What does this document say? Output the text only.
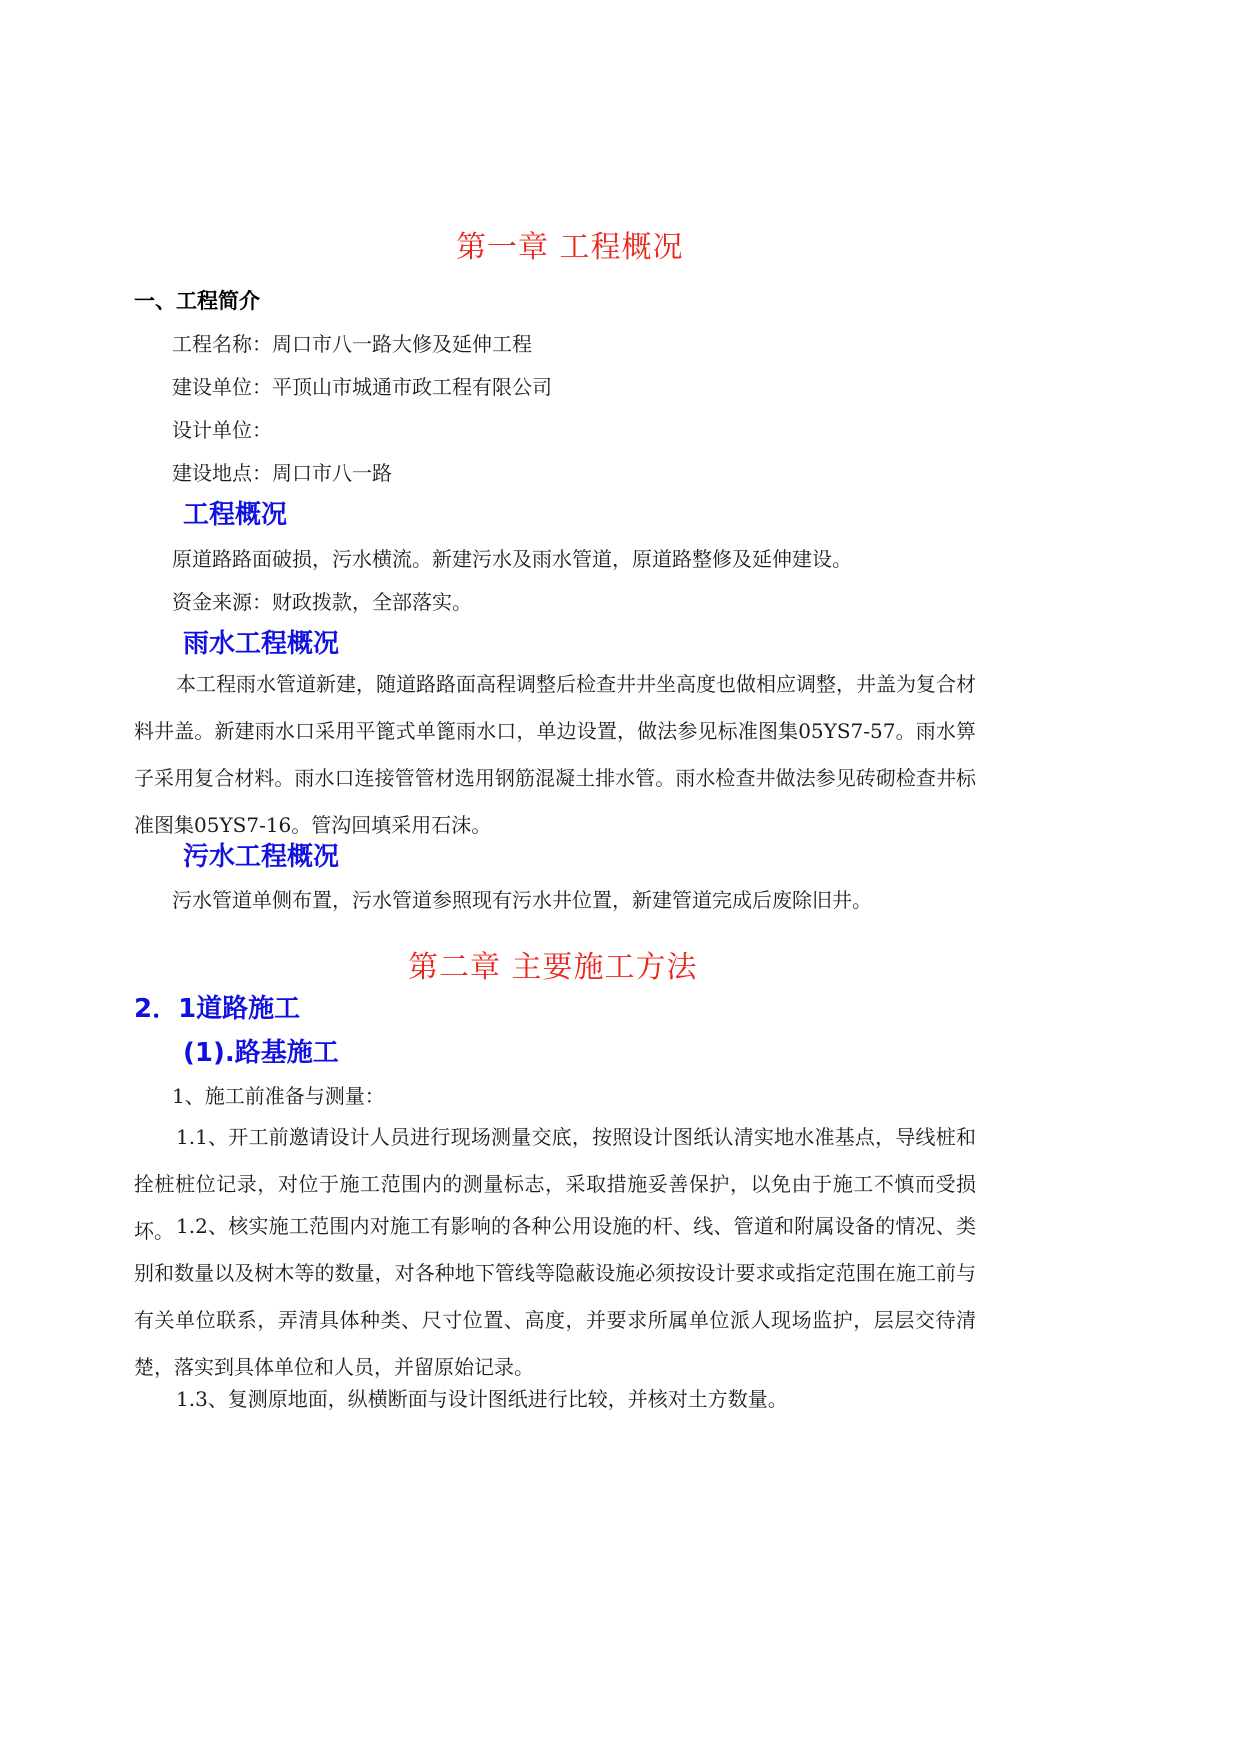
第一章 工程概况
一、工程简介
工程名称：周口市八一路大修及延伸工程
建设单位：平顶山市城通市政工程有限公司
设计单位：
建设地点：周口市八一路
工程概况
原道路路面破损，污水横流。新建污水及雨水管道，原道路整修及延伸建设。
资金来源：财政拨款，全部落实。
雨水工程概况

本工程雨水管道新建，随道路路面高程调整后检查井井坐高度也做相应调整，井盖为复合材料井盖。新建雨水口采用平篦式单篦雨水口，单边设置，做法参见标准图集05YS7-57。雨水箅子采用复合材料。雨水口连接管管材选用钢筋混凝土排水管。雨水检查井做法参见砖砌检查井标准图集05YS7-16。管沟回填采用石沫。

污水工程概况
污水管道单侧布置，污水管道参照现有污水井位置，新建管道完成后废除旧井。
第二章 主要施工方法
2．1道路施工
(1).路基施工
1、施工前准备与测量：

1.1、开工前邀请设计人员进行现场测量交底，按照设计图纸认清实地水准基点，导线桩和拴桩桩位记录，对位于施工范围内的测量标志，采取措施妥善保护，以免由于施工不慎而受损坏。 1.2、核实施工范围内对施工有影响的各种公用设施的杆、线、管道和附属设备的情况、类别和数量以及树木等的数量，对各种地下管线等隐蔽设施必须按设计要求或指定范围在施工前与有关单位联系，弄清具体种类、尺寸位置、高度，并要求所属单位派人现场监护，层层交待清楚，落实到具体单位和人员，并留原始记录。

1.3、复测原地面，纵横断面与设计图纸进行比较，并核对土方数量。
